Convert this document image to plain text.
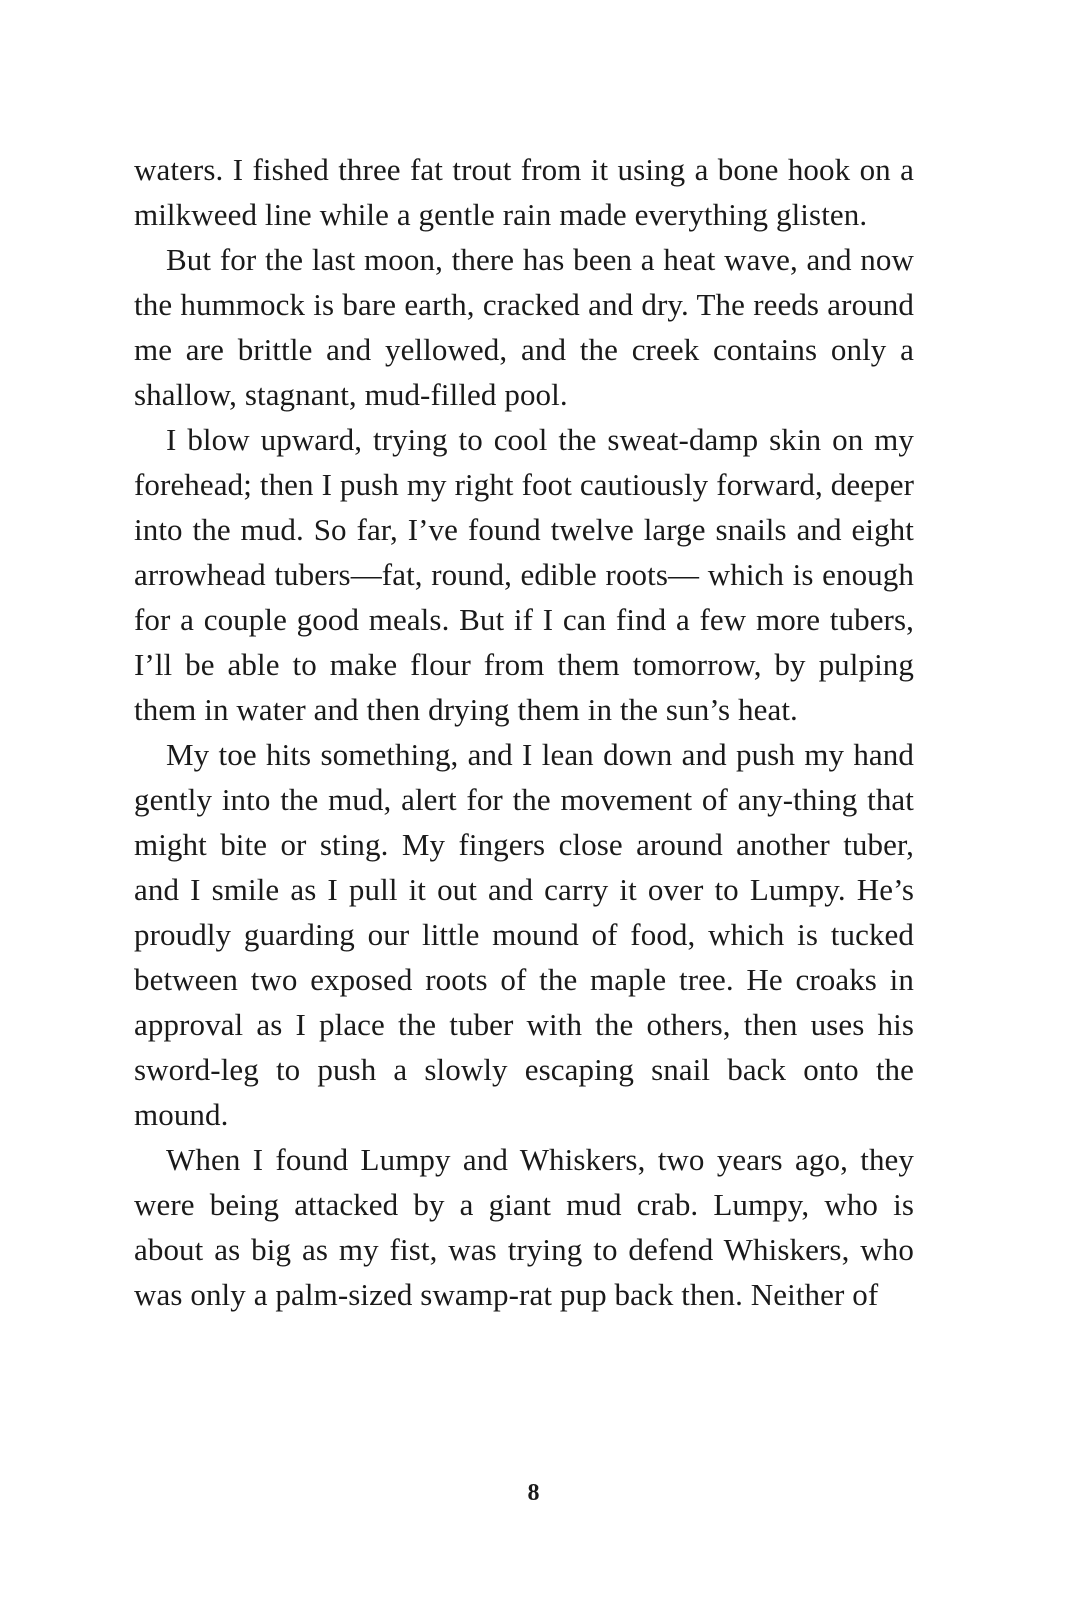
waters. I fished three fat trout from it using a bone hook on a milkweed line while a gentle rain made everything glisten.

But for the last moon, there has been a heat wave, and now the hummock is bare earth, cracked and dry. The reeds around me are brittle and yellowed, and the creek contains only a shallow, stagnant, mud-filled pool.

I blow upward, trying to cool the sweat-damp skin on my forehead; then I push my right foot cautiously forward, deeper into the mud. So far, I’ve found twelve large snails and eight arrowhead tubers—fat, round, edible roots— which is enough for a couple good meals. But if I can find a few more tubers, I’ll be able to make flour from them tomorrow, by pulping them in water and then drying them in the sun’s heat.

My toe hits something, and I lean down and push my hand gently into the mud, alert for the movement of any-thing that might bite or sting. My fingers close around another tuber, and I smile as I pull it out and carry it over to Lumpy. He’s proudly guarding our little mound of food, which is tucked between two exposed roots of the maple tree. He croaks in approval as I place the tuber with the others, then uses his sword-leg to push a slowly escaping snail back onto the mound.

When I found Lumpy and Whiskers, two years ago, they were being attacked by a giant mud crab. Lumpy, who is about as big as my fist, was trying to defend Whiskers, who was only a palm-sized swamp-rat pup back then. Neither of

8
